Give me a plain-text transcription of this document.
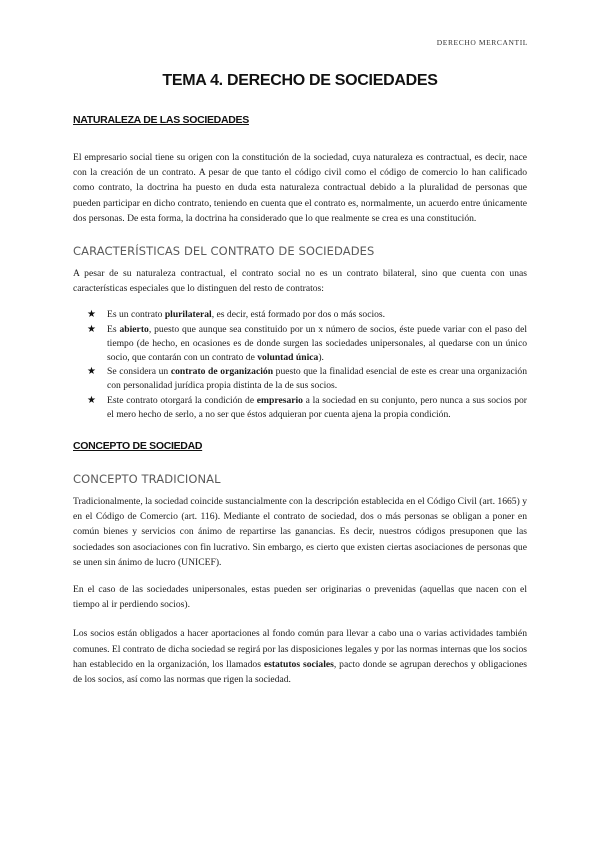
DERECHO MERCANTIL
TEMA 4. DERECHO DE SOCIEDADES
NATURALEZA DE LAS SOCIEDADES

El empresario social tiene su origen con la constitución de la sociedad, cuya naturaleza es contractual, es decir, nace con la creación de un contrato. A pesar de que tanto el código civil como el código de comercio lo han calificado como contrato, la doctrina ha puesto en duda esta naturaleza contractual debido a la pluralidad de personas que pueden participar en dicho contrato, teniendo en cuenta que el contrato es, normalmente, un acuerdo entre únicamente dos personas. De esta forma, la doctrina ha considerado que lo que realmente se crea es una constitución.

CARACTERÍSTICAS DEL CONTRATO DE SOCIEDADES

A pesar de su naturaleza contractual, el contrato social no es un contrato bilateral, sino que cuenta con unas características especiales que lo distinguen del resto de contratos:

★ Es un contrato plurilateral, es decir, está formado por dos o más socios.
★ Es abierto, puesto que aunque sea constituido por un x número de socios, éste puede variar con el paso del tiempo (de hecho, en ocasiones es de donde surgen las sociedades unipersonales, al quedarse con un único socio, que contarán con un contrato de voluntad única).
★ Se considera un contrato de organización puesto que la finalidad esencial de este es crear una organización con personalidad jurídica propia distinta de la de sus socios.
★ Este contrato otorgará la condición de empresario a la sociedad en su conjunto, pero nunca a sus socios por el mero hecho de serlo, a no ser que éstos adquieran por cuenta ajena la propia condición.
CONCEPTO DE SOCIEDAD
CONCEPTO TRADICIONAL

Tradicionalmente, la sociedad coincide sustancialmente con la descripción establecida en el Código Civil (art. 1665) y en el Código de Comercio (art. 116). Mediante el contrato de sociedad, dos o más personas se obligan a poner en común bienes y servicios con ánimo de repartirse las ganancias. Es decir, nuestros códigos presuponen que las sociedades son asociaciones con fin lucrativo. Sin embargo, es cierto que existen ciertas asociaciones de personas que se unen sin ánimo de lucro (UNICEF).

En el caso de las sociedades unipersonales, estas pueden ser originarias o prevenidas (aquellas que nacen con el tiempo al ir perdiendo socios).

Los socios están obligados a hacer aportaciones al fondo común para llevar a cabo una o varias actividades también comunes. El contrato de dicha sociedad se regirá por las disposiciones legales y por las normas internas que los socios han establecido en la organización, los llamados estatutos sociales, pacto donde se agrupan derechos y obligaciones de los socios, así como las normas que rigen la sociedad.
